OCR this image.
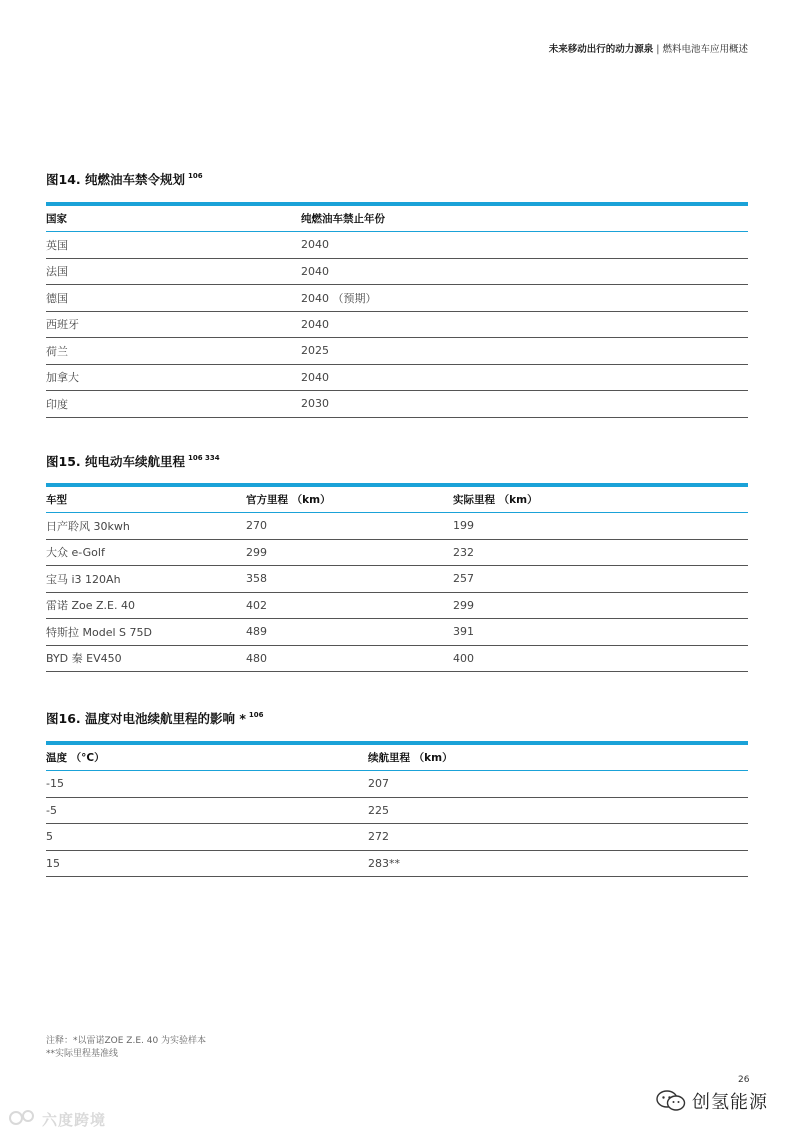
未来移动出行的动力源泉 | 燃料电池车应用概述
图14. 纯燃油车禁令规划 $^{106}$
国家	纯燃油车禁止年份
英国	2040
法国	2040
德国	2040 （预期）
西班牙	2040
荷兰	2025
加拿大	2040
印度	2030
图15. 纯电动车续航里程 $^{106 334}$
车型	官方里程 （km）	实际里程 （km）
日产聆风 30kwh	270	199
大众 e-Golf	299	232
宝马 i3 120Ah	358	257
雷诺 Zoe Z.E. 40	402	299
特斯拉 Model S 75D	489	391
BYD 秦 EV450	480	400
图16. 温度对电池续航里程的影响 * $^{106}$
温度 （°C）	续航里程 （km）
-15	207
-5	225
5	272
15	283**
注释：*以雷诺ZOE Z.E. 40 为实验样本
**实际里程基准线
26
创氢能源
六度跨境
